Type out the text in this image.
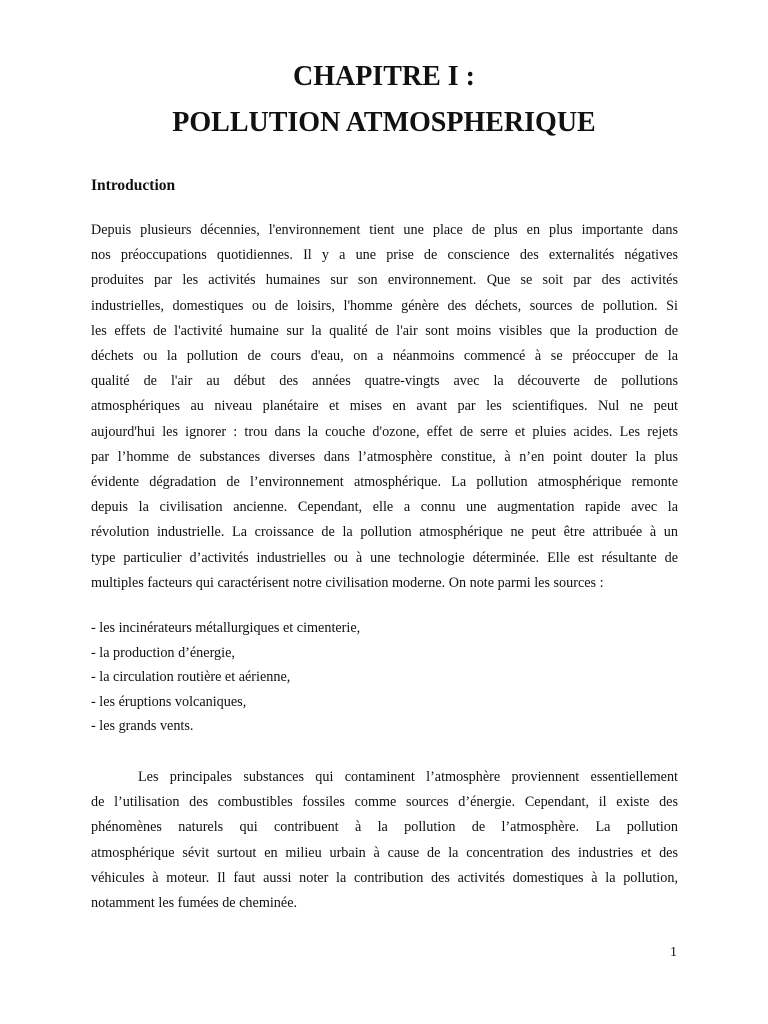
CHAPITRE I :
POLLUTION ATMOSPHERIQUE
Introduction
Depuis plusieurs décennies, l'environnement tient une place de plus en plus importante dans
nos préoccupations quotidiennes. Il y a une prise de conscience des externalités négatives
produites par les activités humaines sur son environnement. Que se soit par des activités
industrielles, domestiques ou de loisirs, l'homme génère des déchets, sources de pollution. Si
les effets de l'activité humaine sur la qualité de l'air sont moins visibles que la production de
déchets ou la pollution de cours d'eau, on a néanmoins commencé à se préoccuper de la
qualité de l'air au début des années quatre-vingts avec la découverte de pollutions
atmosphériques au niveau planétaire et mises en avant par les scientifiques. Nul ne peut
aujourd'hui les ignorer : trou dans la couche d'ozone, effet de serre et pluies acides. Les rejets
par l’homme de substances diverses dans l’atmosphère constitue, à n’en point douter la plus
évidente dégradation de l’environnement atmosphérique. La pollution atmosphérique remonte
depuis la civilisation ancienne. Cependant, elle a connu une augmentation rapide avec la
révolution industrielle. La croissance de la pollution atmosphérique ne peut être attribuée à un
type particulier d’activités industrielles ou à une technologie déterminée. Elle est résultante de
multiples facteurs qui caractérisent notre civilisation moderne. On note parmi les sources :
- les incinérateurs métallurgiques et cimenterie,
- la production d’énergie,
- la circulation routière et aérienne,
- les éruptions volcaniques,
- les grands vents.
Les principales substances qui contaminent l’atmosphère proviennent essentiellement
de l’utilisation des combustibles fossiles comme sources d’énergie. Cependant, il existe des
phénomènes naturels qui contribuent à la pollution de l’atmosphère. La pollution
atmosphérique sévit surtout en milieu urbain à cause de la concentration des industries et des
véhicules à moteur. Il faut aussi noter la contribution des activités domestiques à la pollution,
notamment les fumées de cheminée.
1
